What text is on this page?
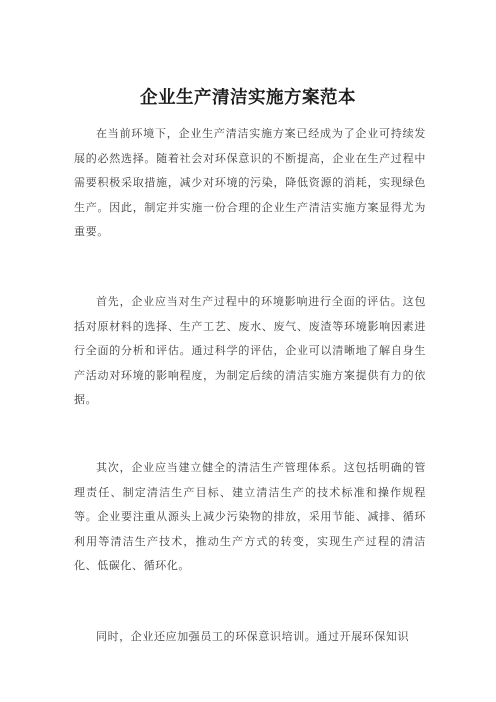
企业生产清洁实施方案范本

在当前环境下，企业生产清洁实施方案已经成为了企业可持续发展的必然选择。随着社会对环保意识的不断提高，企业在生产过程中需要积极采取措施，减少对环境的污染，降低资源的消耗，实现绿色生产。因此，制定并实施一份合理的企业生产清洁实施方案显得尤为重要。

首先，企业应当对生产过程中的环境影响进行全面的评估。这包括对原材料的选择、生产工艺、废水、废气、废渣等环境影响因素进行全面的分析和评估。通过科学的评估，企业可以清晰地了解自身生产活动对环境的影响程度，为制定后续的清洁实施方案提供有力的依据。

其次，企业应当建立健全的清洁生产管理体系。这包括明确的管理责任、制定清洁生产目标、建立清洁生产的技术标准和操作规程等。企业要注重从源头上减少污染物的排放，采用节能、减排、循环利用等清洁生产技术，推动生产方式的转变，实现生产过程的清洁化、低碳化、循环化。

同时，企业还应加强员工的环保意识培训。通过开展环保知识
